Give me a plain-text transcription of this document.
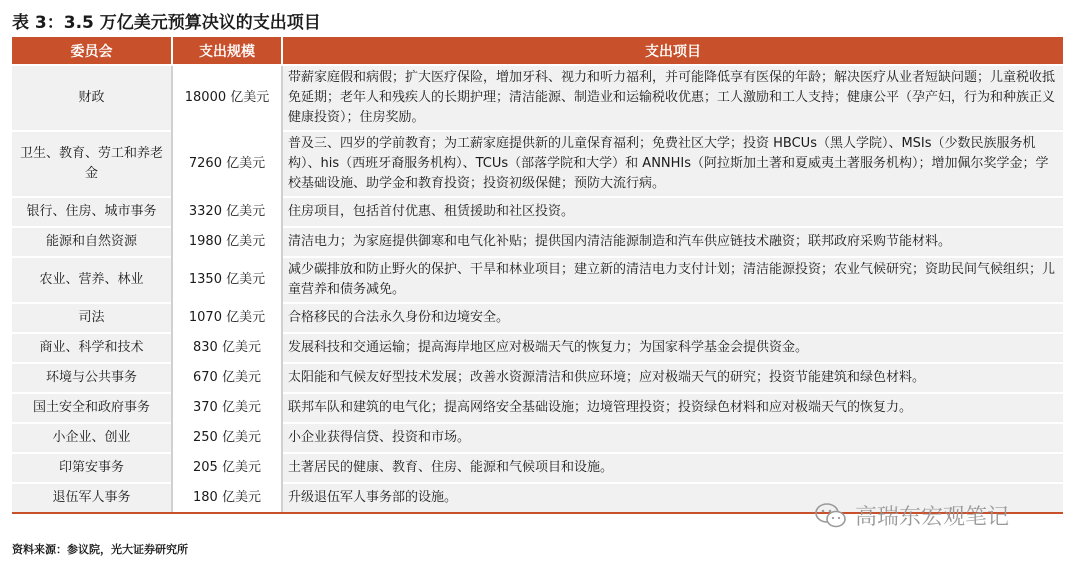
表 3：3.5 万亿美元预算决议的支出项目
委员会	支出规模	支出项目
财政	18000 亿美元	带薪家庭假和病假；扩大医疗保险，增加牙科、视力和听力福利，并可能降低享有医保的年龄；解决医疗从业者短缺问题；儿童税收抵免延期；老年人和残疾人的长期护理；清洁能源、制造业和运输税收优惠；工人激励和工人支持；健康公平（孕产妇，行为和种族正义健康投资）；住房奖励。
卫生、教育、劳工和养老金	7260 亿美元	普及三、四岁的学前教育；为工薪家庭提供新的儿童保育福利；免费社区大学；投资 HBCUs（黑人学院）、MSIs（少数民族服务机构）、his（西班牙裔服务机构）、TCUs（部落学院和大学）和 ANNHIs（阿拉斯加土著和夏威夷土著服务机构）；增加佩尔奖学金；学校基础设施、助学金和教育投资；投资初级保健；预防大流行病。
银行、住房、城市事务	3320 亿美元	住房项目，包括首付优惠、租赁援助和社区投资。
能源和自然资源	1980 亿美元	清洁电力；为家庭提供御寒和电气化补贴；提供国内清洁能源制造和汽车供应链技术融资；联邦政府采购节能材料。
农业、营养、林业	1350 亿美元	减少碳排放和防止野火的保护、干旱和林业项目；建立新的清洁电力支付计划；清洁能源投资；农业气候研究；资助民间气候组织；儿童营养和债务减免。
司法	1070 亿美元	合格移民的合法永久身份和边境安全。
商业、科学和技术	830 亿美元	发展科技和交通运输；提高海岸地区应对极端天气的恢复力；为国家科学基金会提供资金。
环境与公共事务	670 亿美元	太阳能和气候友好型技术发展；改善水资源清洁和供应环境；应对极端天气的研究；投资节能建筑和绿色材料。
国土安全和政府事务	370 亿美元	联邦车队和建筑的电气化；提高网络安全基础设施；边境管理投资；投资绿色材料和应对极端天气的恢复力。
小企业、创业	250 亿美元	小企业获得信贷、投资和市场。
印第安事务	205 亿美元	土著居民的健康、教育、住房、能源和气候项目和设施。
退伍军人事务	180 亿美元	升级退伍军人事务部的设施。
资料来源：参议院，光大证券研究所
高瑞东宏观笔记
